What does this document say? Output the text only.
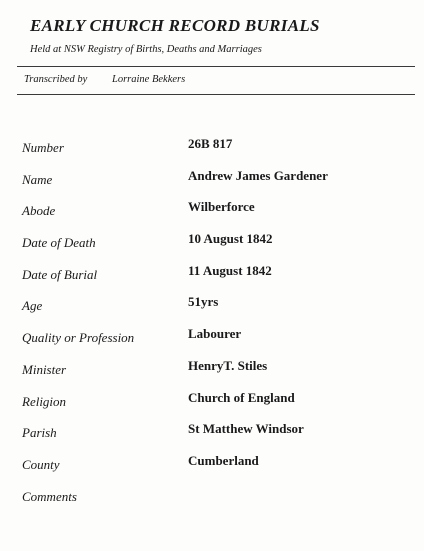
EARLY CHURCH RECORD BURIALS

Held at NSW Registry of Births, Deaths and Marriages

Transcribed by Lorraine Bekkers
Number	26B 817
Name	Andrew James Gardener
Abode	Wilberforce
Date of Death	10 August 1842
Date of Burial	11 August 1842
Age	51yrs
Quality or Profession	Labourer
Minister	HenryT. Stiles
Religion	Church of England
Parish	St Matthew Windsor
County	Cumberland
Comments
